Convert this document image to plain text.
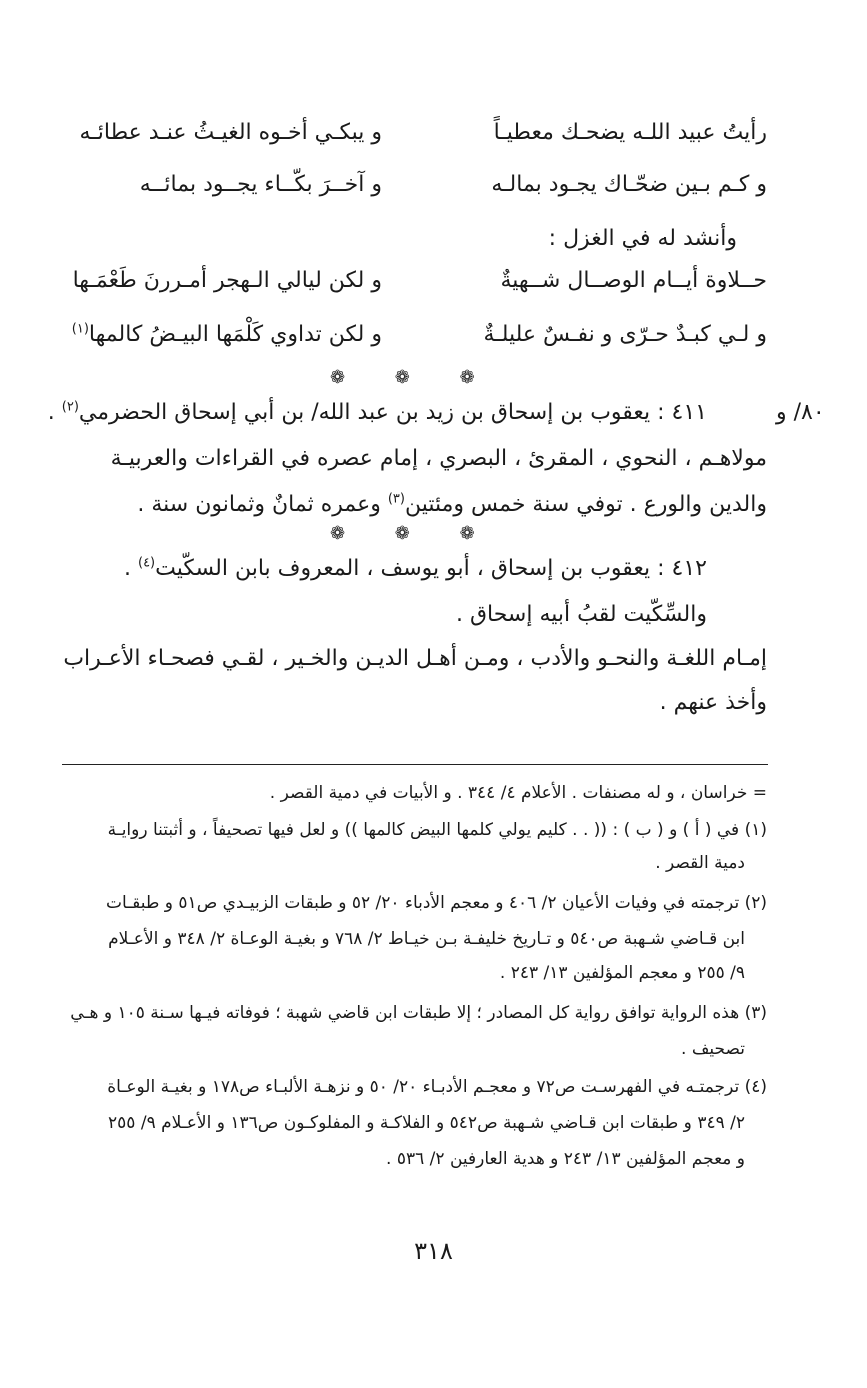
رأيتُ عبيد اللـه يضحـك معطيـاً
و يبكـي أخـوه الغيـثُ عنـد عطائـه
و كـم بـين ضحّـاك يجـود بمالـه
و آخــرَ بكّــاء يجــود بمائــه
وأنشد له في الغزل :
حــلاوة أيــام الوصــال شــهيةٌ
و لكن ليالي الـهجر أمـررنَ طَعْمَـها
و لـي كبـدٌ حـرّى و نفـسٌ عليلـةٌ
و لكن تداوي كَلْمَها البيـضُ كالمها$^{(١)}$
❁ ❁ ❁
٨٠/ و
٤١١ : يعقوب بن إسحاق بن زيد بن عبد الله/ بن أبي إسحاق الحضرمي$^{(٢)}$ .
مولاهـم ، النحوي ، المقرئ ، البصري ، إمام عصره في القراءات والعربيـة
والدين والورع . توفي سنة خمس ومئتين$^{(٣)}$ وعمره ثمانٌ وثمانون سنة .
❁ ❁ ❁
٤١٢ : يعقوب بن إسحاق ، أبو يوسف ، المعروف بابن السكّيت$^{(٤)}$ .
والسِّكّيت لقبُ أبيه إسحاق .
إمـام اللغـة والنحـو والأدب ، ومـن أهـل الديـن والخـير ، لقـي فصحـاء الأعـراب
وأخذ عنهم .
= خراسان ، و له مصنفات . الأعلام ٤/ ٣٤٤ . و الأبيات في دمية القصر .
(١) في ( أ ) و ( ب ) : (( . . كليم يولي كلمها البيض كالمها )) و لعل فيها تصحيفاً ، و أثبتنا روايـة
دمية القصر .
(٢) ترجمته في وفيات الأعيان ٢/ ٤٠٦ و معجم الأدباء ٢٠/ ٥٢ و طبقات الزبيـدي ص٥١ و طبقـات
ابن قـاضي شـهبة ص٥٤٠ و تـاريخ خليفـة بـن خيـاط ٢/ ٧٦٨ و بغيـة الوعـاة ٢/ ٣٤٨ و الأعـلام
٩/ ٢٥٥ و معجم المؤلفين ١٣/ ٢٤٣ .
(٣) هذه الرواية توافق رواية كل المصادر ؛ إلا طبقات ابن قاضي شهبة ؛ فوفاته فيـها سـنة ١٠٥ و هـي
تصحيف .
(٤) ترجمتـه في الفهرسـت ص٧٢ و معجـم الأدبـاء ٢٠/ ٥٠ و نزهـة الألبـاء ص١٧٨ و بغيـة الوعـاة
٢/ ٣٤٩ و طبقات ابن قـاضي شـهبة ص٥٤٢ و الفلاكـة و المفلوكـون ص١٣٦ و الأعـلام ٩/ ٢٥٥
و معجم المؤلفين ١٣/ ٢٤٣ و هدية العارفين ٢/ ٥٣٦ .
٣١٨
